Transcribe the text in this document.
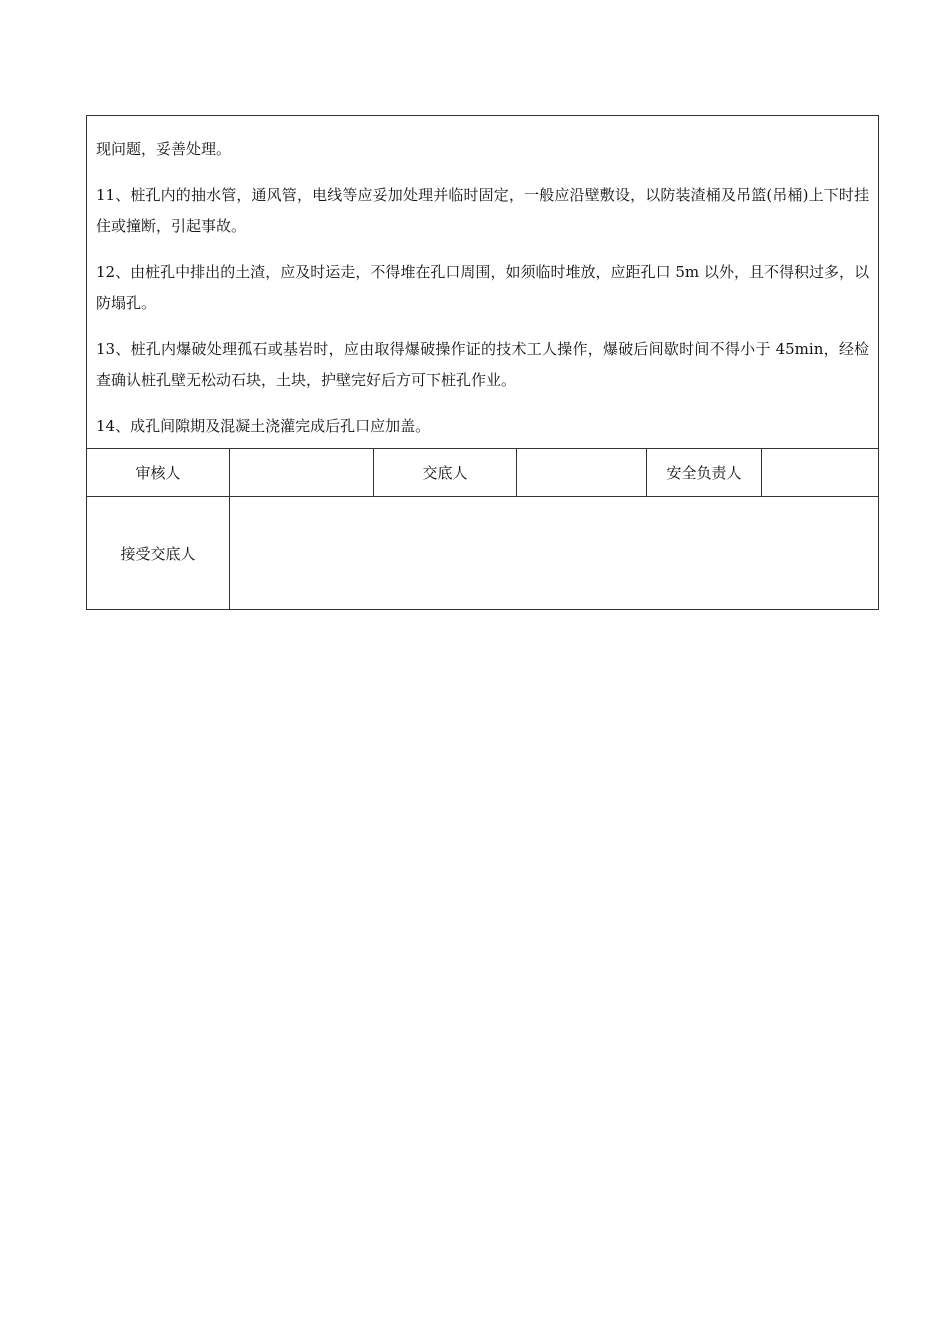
现问题，妥善处理。

11、桩孔内的抽水管，通风管，电线等应妥加处理并临时固定，一般应沿壁敷设，以防装渣桶及吊篮(吊桶)上下时挂住或撞断，引起事故。

12、由桩孔中排出的土渣，应及时运走，不得堆在孔口周围，如须临时堆放，应距孔口 5m 以外，且不得积过多，以防塌孔。

13、桩孔内爆破处理孤石或基岩时，应由取得爆破操作证的技术工人操作，爆破后间歇时间不得小于 45min，经检查确认桩孔壁无松动石块，土块，护壁完好后方可下桩孔作业。

14、成孔间隙期及混凝土浇灌完成后孔口应加盖。					

审核人		交底人		安全负责人	
接受交底人					
